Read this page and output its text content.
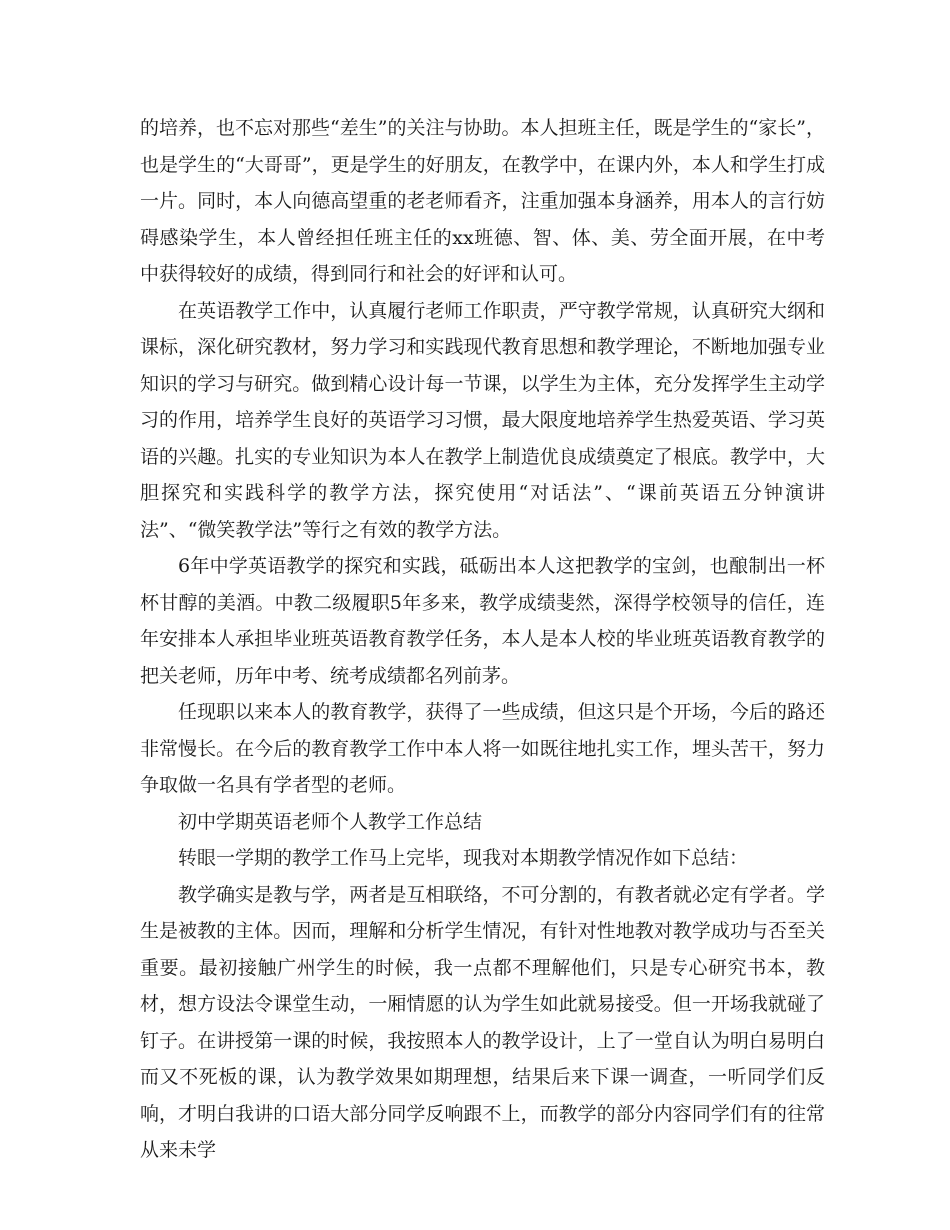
的培养，也不忘对那些“差生”的关注与协助。本人担班主任，既是学生的“家长”，也是学生的“大哥哥”，更是学生的好朋友，在教学中，在课内外，本人和学生打成一片。同时，本人向德高望重的老老师看齐，注重加强本身涵养，用本人的言行妨碍感染学生，本人曾经担任班主任的xx班德、智、体、美、劳全面开展，在中考中获得较好的成绩，得到同行和社会的好评和认可。

在英语教学工作中，认真履行老师工作职责，严守教学常规，认真研究大纲和课标，深化研究教材，努力学习和实践现代教育思想和教学理论，不断地加强专业知识的学习与研究。做到精心设计每一节课，以学生为主体，充分发挥学生主动学习的作用，培养学生良好的英语学习习惯，最大限度地培养学生热爱英语、学习英语的兴趣。扎实的专业知识为本人在教学上制造优良成绩奠定了根底。教学中，大胆探究和实践科学的教学方法，探究使用“对话法”、“课前英语五分钟演讲法”、“微笑教学法”等行之有效的教学方法。

6年中学英语教学的探究和实践，砥砺出本人这把教学的宝剑，也酿制出一杯杯甘醇的美酒。中教二级履职5年多来，教学成绩斐然，深得学校领导的信任，连年安排本人承担毕业班英语教育教学任务，本人是本人校的毕业班英语教育教学的把关老师，历年中考、统考成绩都名列前茅。

任现职以来本人的教育教学，获得了一些成绩，但这只是个开场，今后的路还非常慢长。在今后的教育教学工作中本人将一如既往地扎实工作，埋头苦干，努力争取做一名具有学者型的老师。

初中学期英语老师个人教学工作总结

转眼一学期的教学工作马上完毕，现我对本期教学情况作如下总结：

教学确实是教与学，两者是互相联络，不可分割的，有教者就必定有学者。学生是被教的主体。因而，理解和分析学生情况，有针对性地教对教学成功与否至关重要。最初接触广州学生的时候，我一点都不理解他们，只是专心研究书本，教材，想方设法令课堂生动，一厢情愿的认为学生如此就易接受。但一开场我就碰了钉子。在讲授第一课的时候，我按照本人的教学设计，上了一堂自认为明白易明白而又不死板的课，认为教学效果如期理想，结果后来下课一调查，一听同学们反响，才明白我讲的口语大部分同学反响跟不上，而教学的部分内容同学们有的往常从来未学
